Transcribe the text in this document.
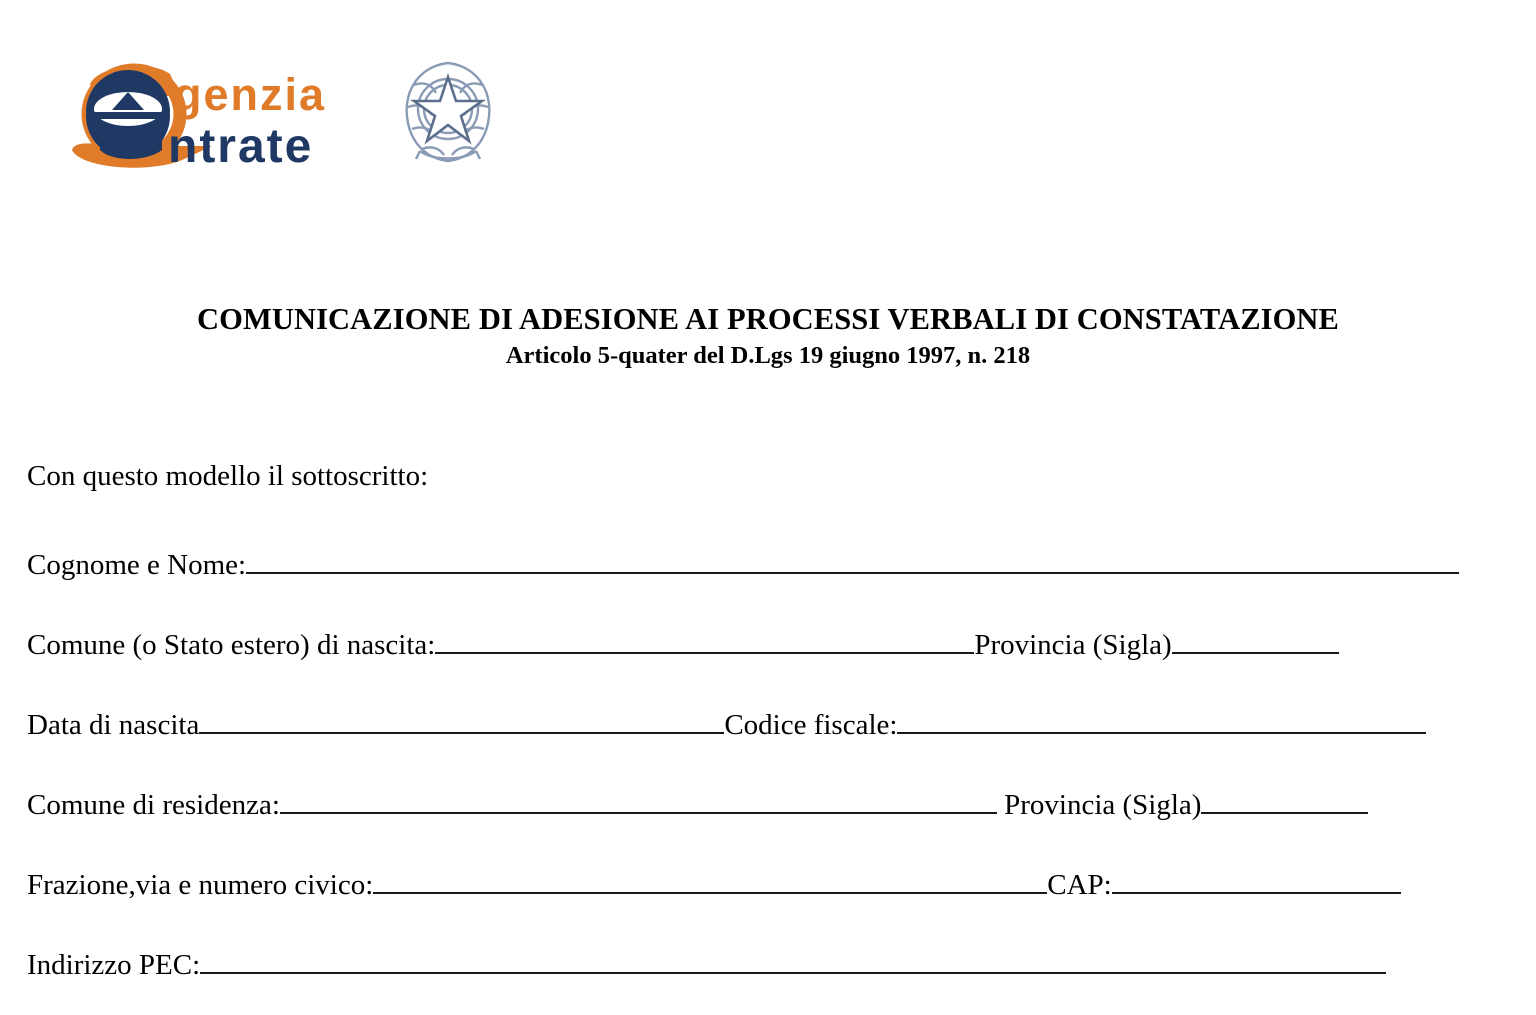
genzia
ntrate
COMUNICAZIONE DI ADESIONE AI PROCESSI VERBALI DI CONSTATAZIONE
Articolo 5-quater del D.Lgs 19 giugno 1997, n. 218
Con questo modello il sottoscritto:
Cognome e Nome:
Comune (o Stato estero) di nascita:	Provincia (Sigla)
Data di nascita	Codice fiscale:
Comune di residenza:	Provincia (Sigla)
Frazione,via e numero civico:	CAP:
Indirizzo PEC:
